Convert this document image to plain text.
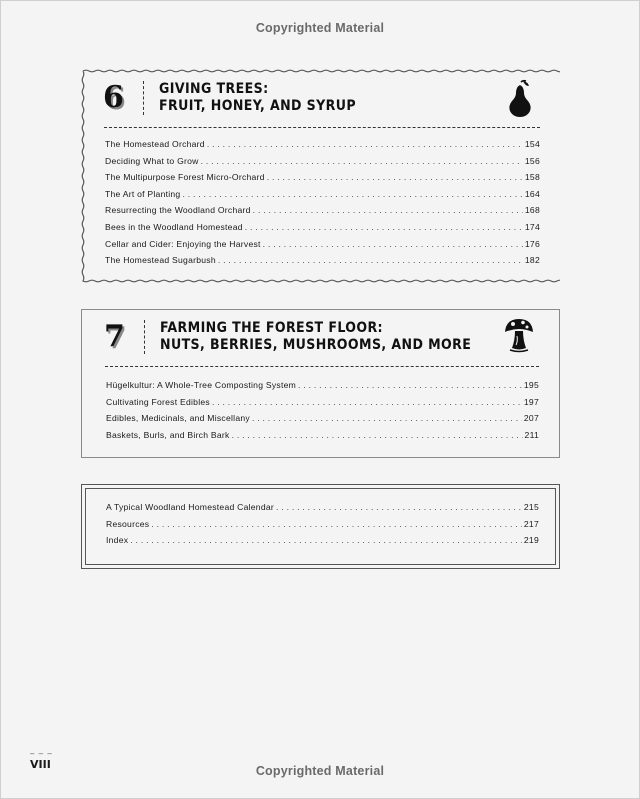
Copyrighted Material
6	GIVING TREES:
FRUIT, HONEY, AND SYRUP
The Homestead Orchard . . .	154
Deciding What to Grow . . .	156
The Multipurpose Forest Micro-Orchard . . .	158
The Art of Planting . . .	164
Resurrecting the Woodland Orchard . . .	168
Bees in the Woodland Homestead . . .	174
Cellar and Cider: Enjoying the Harvest . . .	176
The Homestead Sugarbush . . .	182
7	FARMING THE FOREST FLOOR:
NUTS, BERRIES, MUSHROOMS, AND MORE
Hügelkultur: A Whole-Tree Composting System . . .	195
Cultivating Forest Edibles . . .	197
Edibles, Medicinals, and Miscellany . . .	207
Baskets, Burls, and Birch Bark . . .	211
A Typical Woodland Homestead Calendar . . .	215
Resources . . .	217
Index . . .	219
– – –
VIII	Copyrighted Material
